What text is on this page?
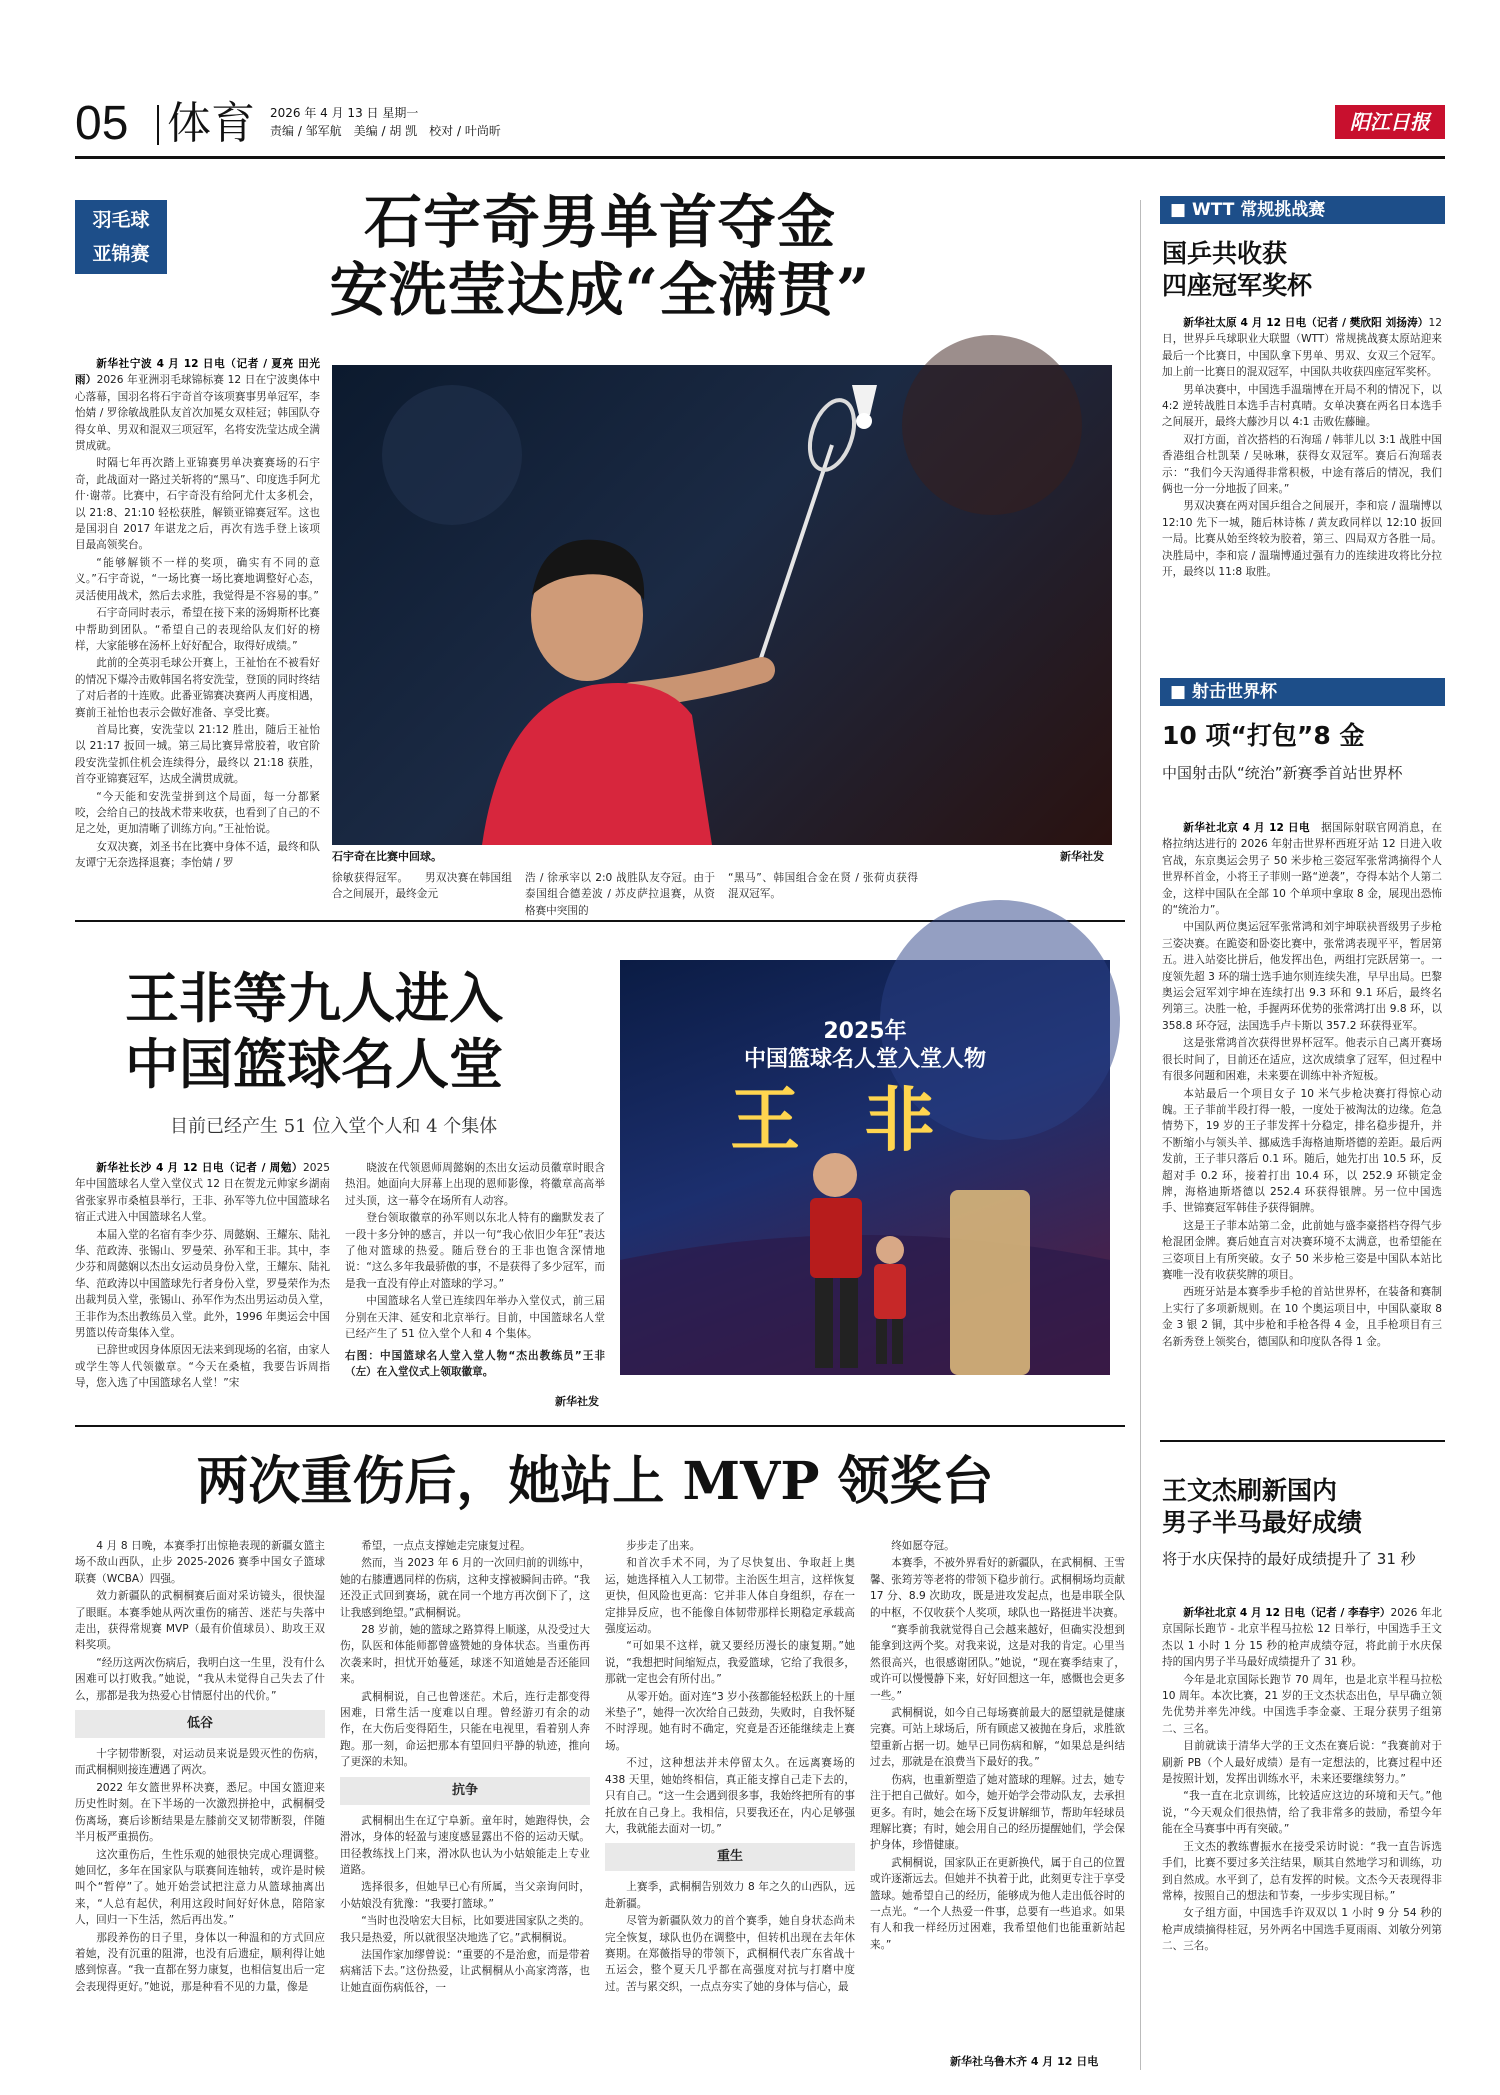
05 体育 2026 年 4 月 13 日 星期一
责编 / 邹军航　美编 / 胡 凯　校对 / 叶尚昕	阳江日报
羽毛球
亚锦赛	石宇奇男单首夺金
安洗莹达成“全满贯”

新华社宁波 4 月 12 日电（记者 / 夏亮 田光雨）2026 年亚洲羽毛球锦标赛 12 日在宁波奥体中心落幕，国羽名将石宇奇首夺该项赛事男单冠军，李怡婧 / 罗徐敏战胜队友首次加冕女双桂冠；韩国队夺得女单、男双和混双三项冠军，名将安洗莹达成全满贯成就。

时隔七年再次踏上亚锦赛男单决赛赛场的石宇奇，此战面对一路过关斩将的“黑马”、印度选手阿尤什·谢蒂。比赛中，石宇奇没有给阿尤什太多机会，以 21:8、21:10 轻松获胜，解锁亚锦赛冠军。这也是国羽自 2017 年谌龙之后，再次有选手登上该项目最高领奖台。

“能够解锁不一样的奖项，确实有不同的意义。”石宇奇说，“一场比赛一场比赛地调整好心态，灵活使用战术，然后去求胜，我觉得是不容易的事。”

石宇奇同时表示，希望在接下来的汤姆斯杯比赛中帮助到团队。“希望自己的表现给队友们好的榜样，大家能够在汤杯上好好配合，取得好成绩。”

此前的全英羽毛球公开赛上，王祉怡在不被看好的情况下爆冷击败韩国名将安洗莹，登顶的同时终结了对后者的十连败。此番亚锦赛决赛两人再度相遇，赛前王祉怡也表示会做好准备、享受比赛。

首局比赛，安洗莹以 21:12 胜出，随后王祉怡以 21:17 扳回一城。第三局比赛异常胶着，收官阶段安洗莹抓住机会连续得分，最终以 21:18 获胜，首夺亚锦赛冠军，达成全满贯成就。

“今天能和安洗莹拼到这个局面，每一分都紧咬，会给自己的技战术带来收获，也看到了自己的不足之处，更加清晰了训练方向。”王祉怡说。

女双决赛，刘圣书在比赛中身体不适，最终和队友谭宁无奈选择退赛；李怡婧 / 罗

石宇奇在比赛中回球。	新华社发
徐敏获得冠军。　　男双决赛在韩国组合之间展开，最终金元
浩 / 徐承宰以 2:0 战胜队友夺冠。由于泰国组合德差波 / 苏皮萨拉退赛，从资格赛中突围的
“黑马”、韩国组合金在贤 / 张荷贞获得混双冠军。
■ WTT 常规挑战赛
国乒共收获
四座冠军奖杯

新华社太原 4 月 12 日电（记者 / 樊欣阳 刘扬涛）12 日，世界乒乓球职业大联盟（WTT）常规挑战赛太原站迎来最后一个比赛日，中国队拿下男单、男双、女双三个冠军。加上前一比赛日的混双冠军，中国队共收获四座冠军奖杯。

男单决赛中，中国选手温瑞博在开局不利的情况下，以 4:2 逆转战胜日本选手吉村真晴。女单决赛在两名日本选手之间展开，最终大藤沙月以 4:1 击败佐藤瞳。

双打方面，首次搭档的石洵瑶 / 韩菲儿以 3:1 战胜中国香港组合杜凯琹 / 吴咏琳，获得女双冠军。赛后石洵瑶表示：“我们今天沟通得非常积极，中途有落后的情况，我们俩也一分一分地扳了回来。”

男双决赛在两对国乒组合之间展开，李和宸 / 温瑞博以 12:10 先下一城，随后林诗栋 / 黄友政同样以 12:10 扳回一局。比赛从始至终较为胶着，第三、四局双方各胜一局。决胜局中，李和宸 / 温瑞博通过强有力的连续进攻将比分拉开，最终以 11:8 取胜。

■ 射击世界杯
10 项“打包”8 金
中国射击队“统治”新赛季首站世界杯

新华社北京 4 月 12 日电　 据国际射联官网消息，在格拉纳达进行的 2026 年射击世界杯西班牙站 12 日进入收官战，东京奥运会男子 50 米步枪三姿冠军张常鸿摘得个人世界杯首金，小将王子菲则一路“逆袭”，夺得本站个人第二金，这样中国队在全部 10 个单项中拿取 8 金，展现出恐怖的“统治力”。

中国队两位奥运冠军张常鸿和刘宇坤联袂晋级男子步枪三姿决赛。在跪姿和卧姿比赛中，张常鸿表现平平，暂居第五。进入站姿比拼后，他发挥出色，两组打完跃居第一。一度领先超 3 环的瑞士选手迪尔则连续失准，早早出局。巴黎奥运会冠军刘宇坤在连续打出 9.3 环和 9.1 环后，最终名列第三。决胜一枪，手握两环优势的张常鸿打出 9.8 环，以 358.8 环夺冠，法国选手卢卡斯以 357.2 环获得亚军。

这是张常鸿首次获得世界杯冠军。他表示自己离开赛场很长时间了，目前还在适应，这次成绩拿了冠军，但过程中有很多问题和困难，未来要在训练中补齐短板。

本站最后一个项目女子 10 米气步枪决赛打得惊心动魄。王子菲前半段打得一般，一度处于被淘汰的边缘。危急情势下，19 岁的王子菲发挥十分稳定，排名稳步提升，并不断缩小与领头羊、挪威选手海格迪斯塔德的差距。最后两发前，王子菲只落后 0.1 环。随后，她先打出 10.5 环，反超对手 0.2 环，接着打出 10.4 环，以 252.9 环锁定金牌，海格迪斯塔德以 252.4 环获得银牌。另一位中国选手、世锦赛冠军韩佳予获得铜牌。

这是王子菲本站第二金，此前她与盛李豪搭档夺得气步枪混团金牌。赛后她直言对决赛环境不太满意，也希望能在三姿项目上有所突破。女子 50 米步枪三姿是中国队本站比赛唯一没有收获奖牌的项目。

西班牙站是本赛季步手枪的首站世界杯，在装备和赛制上实行了多项新规则。在 10 个奥运项目中，中国队豪取 8 金 3 银 2 铜，其中步枪和手枪各得 4 金，且手枪项目有三名新秀登上领奖台，德国队和印度队各得 1 金。

王文杰刷新国内
男子半马最好成绩
将于水庆保持的最好成绩提升了 31 秒

新华社北京 4 月 12 日电（记者 / 李春宇）2026 年北京国际长跑节 - 北京半程马拉松 12 日举行，中国选手王文杰以 1 小时 1 分 15 秒的枪声成绩夺冠，将此前于水庆保持的国内男子半马最好成绩提升了 31 秒。

今年是北京国际长跑节 70 周年，也是北京半程马拉松 10 周年。本次比赛，21 岁的王文杰状态出色，早早确立领先优势并率先冲线。中国选手李金豪、王琨分获男子组第二、三名。

目前就读于清华大学的王文杰在赛后说：“我赛前对于刷新 PB（个人最好成绩）是有一定想法的，比赛过程中还是按照计划，发挥出训练水平，未来还要继续努力。”

“我一直在北京训练，比较适应这边的环境和天气。”他说，“今天观众们很热情，给了我非常多的鼓励，希望今年能在全马赛事中再有突破。”

王文杰的教练曹振水在接受采访时说：“我一直告诉选手们，比赛不要过多关注结果，顺其自然地学习和训练，功到自然成。水平到了，总有发挥的时候。文杰今天表现得非常棒，按照自己的想法和节奏，一步步实现目标。”

女子组方面，中国选手许双双以 1 小时 9 分 54 秒的枪声成绩摘得桂冠，另外两名中国选手夏雨雨、刘敏分列第二、三名。

王非等九人进入
中国篮球名人堂
目前已经产生 51 位入堂个人和 4 个集体

新华社长沙 4 月 12 日电（记者 / 周勉）2025 年中国篮球名人堂入堂仪式 12 日在贺龙元帅家乡湖南省张家界市桑植县举行，王非、孙军等九位中国篮球名宿正式进入中国篮球名人堂。

本届入堂的名宿有李少芬、周懿娴、王耀东、陆礼华、范政涛、张锡山、罗曼荣、孙军和王非。其中，李少芬和周懿娴以杰出女运动员身份入堂，王耀东、陆礼华、范政涛以中国篮球先行者身份入堂，罗曼荣作为杰出裁判员入堂，张锡山、孙军作为杰出男运动员入堂，王非作为杰出教练员入堂。此外，1996 年奥运会中国男篮以传奇集体入堂。

已辞世或因身体原因无法来到现场的名宿，由家人或学生等人代领徽章。“今天在桑植，我要告诉周指导，您入选了中国篮球名人堂！”宋

晓波在代领恩师周懿娴的杰出女运动员徽章时眼含热泪。她面向大屏幕上出现的恩师影像，将徽章高高举过头顶，这一幕令在场所有人动容。

登台领取徽章的孙军则以东北人特有的幽默发表了一段十多分钟的感言，并以一句“我心依旧少年狂”表达了他对篮球的热爱。随后登台的王非也饱含深情地说：“这么多年我最骄傲的事，不是获得了多少冠军，而是我一直没有停止对篮球的学习。”

中国篮球名人堂已连续四年举办入堂仪式，前三届分别在天津、延安和北京举行。目前，中国篮球名人堂已经产生了 51 位入堂个人和 4 个集体。

右图：中国篮球名人堂入堂人物“杰出教练员”王非（左）在入堂仪式上领取徽章。
新华社发
2025年
中国篮球名人堂入堂人物
王 非
两次重伤后，她站上 MVP 领奖台

4 月 8 日晚，本赛季打出惊艳表现的新疆女篮主场不敌山西队，止步 2025-2026 赛季中国女子篮球联赛（WCBA）四强。

效力新疆队的武桐桐赛后面对采访镜头，很快湿了眼眶。本赛季她从两次重伤的痛苦、迷茫与失落中走出，获得常规赛 MVP（最有价值球员）、助攻王双料奖项。

“经历这两次伤病后，我明白这一生里，没有什么困难可以打败我。”她说，“我从未觉得自己失去了什么，那都是我为热爱心甘情愿付出的代价。”

低谷

十字韧带断裂，对运动员来说是毁灭性的伤病，而武桐桐则接连遭遇了两次。

2022 年女篮世界杯决赛，悉尼。中国女篮迎来历史性时刻。在下半场的一次激烈拼抢中，武桐桐受伤离场，赛后诊断结果是左膝前交叉韧带断裂，伴随半月板严重损伤。

这次重伤后，生性乐观的她很快完成心理调整。她回忆，多年在国家队与联赛间连轴转，或许是时候叫个“暂停”了。她开始尝试把注意力从篮球抽离出来，“人总有起伏，利用这段时间好好休息，陪陪家人，回归一下生活，然后再出发。”

那段养伤的日子里，身体以一种温和的方式回应着她，没有沉重的阻滞，也没有后遗症，顺利得让她感到惊喜。“我一直都在努力康复，也相信复出后一定会表现得更好。”她说，那是种看不见的力量，像是

希望，一点点支撑她走完康复过程。

然而，当 2023 年 6 月的一次回归前的训练中，她的右膝遭遇同样的伤病，这种支撑被瞬间击碎。“我还没正式回到赛场，就在同一个地方再次倒下了，这让我感到绝望。”武桐桐说。

28 岁前，她的篮球之路算得上顺遂，从没受过大伤，队医和体能师都曾盛赞她的身体状态。当重伤再次袭来时，担忧开始蔓延，球迷不知道她是否还能回来。

武桐桐说，自己也曾迷茫。术后，连行走都变得困难，日常生活一度难以自理。曾经游刃有余的动作，在大伤后变得陌生，只能在电视里，看着别人奔跑。那一刻，命运把那本有望回归平静的轨迹，推向了更深的未知。

抗争

武桐桐出生在辽宁阜新。童年时，她跑得快，会滑冰，身体的轻盈与速度感显露出不俗的运动天赋。田径教练找上门来，滑冰队也认为小姑娘能走上专业道路。

选择很多，但她早已心有所属，当父亲询问时，小姑娘没有犹豫：“我要打篮球。”

“当时也没啥宏大目标，比如要进国家队之类的。我只是热爱，所以就很坚决地选了它。”武桐桐说。

法国作家加缪曾说：“重要的不是治愈，而是带着病痛活下去。”这份热爱，让武桐桐从小高家湾落，也让她直面伤病低谷，一

步步走了出来。

和首次手术不同，为了尽快复出、争取赶上奥运，她选择植入人工韧带。主治医生坦言，这样恢复更快，但风险也更高：它并非人体自身组织，存在一定排异反应，也不能像自体韧带那样长期稳定承载高强度运动。

“可如果不这样，就又要经历漫长的康复期。”她说，“我想把时间缩短点，我爱篮球，它给了我很多，那就一定也会有所付出。”

从零开始。面对连“3 岁小孩都能轻松跃上的十厘米垫子”，她得一次次给自己鼓劲，失败时，自我怀疑不时浮现。她有时不确定，究竟是否还能继续走上赛场。

不过，这种想法并未停留太久。在远离赛场的 438 天里，她始终相信，真正能支撑自己走下去的，只有自己。“这一生会遇到很多事，我始终把所有的事托放在自己身上。我相信，只要我还在，内心足够强大，我就能去面对一切。”

重生

上赛季，武桐桐告别效力 8 年之久的山西队，远赴新疆。

尽管为新疆队效力的首个赛季，她自身状态尚未完全恢复，球队也仍在调整中，但转机出现在去年休赛期。在郑薇指导的带领下，武桐桐代表广东省战十五运会，整个夏天几乎都在高强度对抗与打磨中度过。苦与累交织，一点点夯实了她的身体与信心，最

终如愿夺冠。

本赛季，不被外界看好的新疆队，在武桐桐、王雪馨、张筠芳等老将的带领下稳步前行。武桐桐场均贡献 17 分、8.9 次助攻，既是进攻发起点，也是串联全队的中枢，不仅收获个人奖项，球队也一路挺进半决赛。

“赛季前我就觉得自己会越来越好，但确实没想到能拿到这两个奖。对我来说，这是对我的肯定。心里当然很高兴，也很感谢团队。”她说，“现在赛季结束了，或许可以慢慢静下来，好好回想这一年，感慨也会更多一些。”

武桐桐说，如今自己每场赛前最大的愿望就是健康完赛。可站上球场后，所有顾虑又被抛在身后，求胜欲望重新占据一切。她早已同伤病和解，“如果总是纠结过去，那就是在浪费当下最好的我。”

伤病，也重新塑造了她对篮球的理解。过去，她专注于把自己做好。如今，她开始学会带动队友，去承担更多。有时，她会在场下反复讲解细节，帮助年轻球员理解比赛；有时，她会用自己的经历提醒她们，学会保护身体，珍惜健康。

武桐桐说，国家队正在更新换代，属于自己的位置或许逐渐远去。但她并不执着于此，此刻更专注于享受篮球。她希望自己的经历，能够成为他人走出低谷时的一点光。“一个人热爱一件事，总要有一些追求。如果有人和我一样经历过困难，我希望他们也能重新站起来。”

新华社乌鲁木齐 4 月 12 日电
